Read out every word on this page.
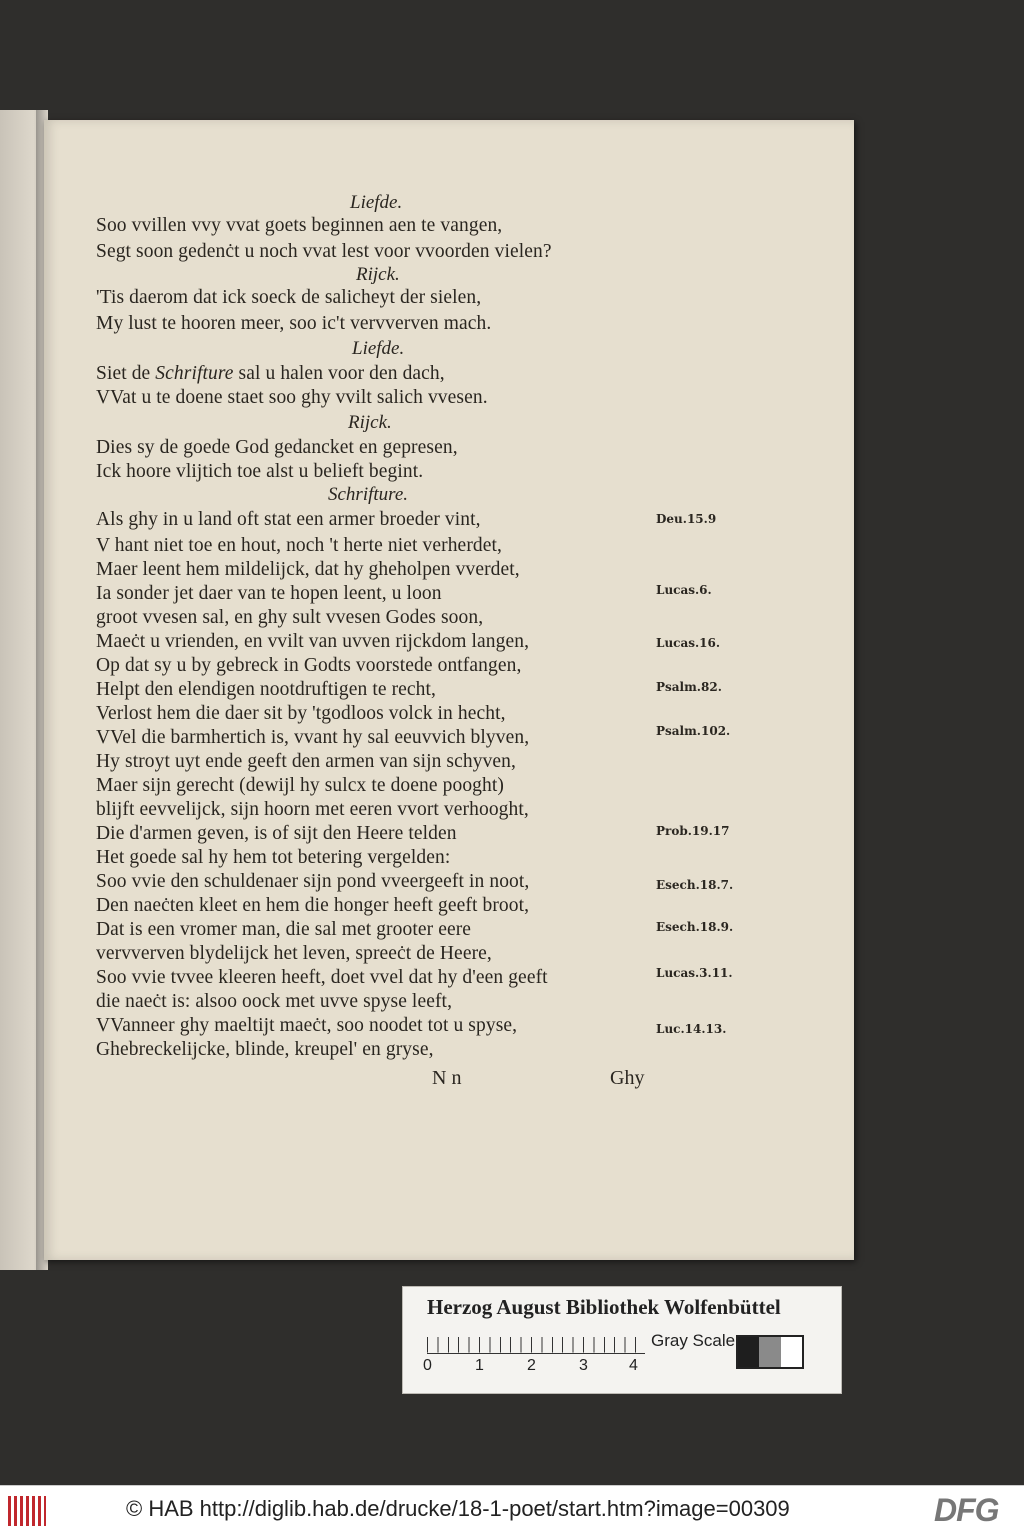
Liefde.
Soo vvillen vvy vvat goets beginnen aen te vangen,
Segt soon gedenċt u noch vvat lest voor vvoorden vielen?
Rijck.
'Tis daerom dat ick soeck de salicheyt der sielen,
My lust te hooren meer, soo ic't vervverven mach.
Liefde.
Siet de Schrifture sal u halen voor den dach,
VVat u te doene staet soo ghy vvilt salich vvesen.
Rijck.
Dies sy de goede God gedancket en gepresen,
Ick hoore vlijtich toe alst u belieft begint.
Schrifture.
Als ghy in u land oft stat een armer broeder vint,
V hant niet toe en hout, noch 't herte niet verherdet,
Maer leent hem mildelijck, dat hy gheholpen vverdet,
Ia sonder jet daer van te hopen leent, u loon
groot vvesen sal, en ghy sult vvesen Godes soon,
Maeċt u vrienden, en vvilt van uvven rijckdom langen,
Op dat sy u by gebreck in Godts voorstede ontfangen,
Helpt den elendigen nootdruftigen te recht,
Verlost hem die daer sit by 'tgodloos volck in hecht,
VVel die barmhertich is, vvant hy sal eeuvvich blyven,
Hy stroyt uyt ende geeft den armen van sijn schyven,
Maer sijn gerecht (dewijl hy sulcx te doene pooght)
blijft eevvelijck, sijn hoorn met eeren vvort verhooght,
Die d'armen geven, is of sijt den Heere telden
Het goede sal hy hem tot betering vergelden:
Soo vvie den schuldenaer sijn pond vveergeeft in noot,
Den naeċten kleet en hem die honger heeft geeft broot,
Dat is een vromer man, die sal met grooter eere
vervverven blydelijck het leven, spreeċt de Heere,
Soo vvie tvvee kleeren heeft, doet vvel dat hy d'een geeft
die naeċt is: alsoo oock met uvve spyse leeft,
VVanneer ghy maeltijt maeċt, soo noodet tot u spyse,
Ghebreckelijcke, blinde, kreupel' en gryse,
Deu.15.9
Lucas.6.
Lucas.16.
Psalm.82.
Psalm.102.
Prob.19.17
Esech.18.7.
Esech.18.9.
Lucas.3.11.
Luc.14.13.
N n	Ghy
Herzog August Bibliothek Wolfenbüttel
0	1	2	3	4
Gray Scale
© HAB http://diglib.hab.de/drucke/18-1-poet/start.htm?image=00309	DFG
